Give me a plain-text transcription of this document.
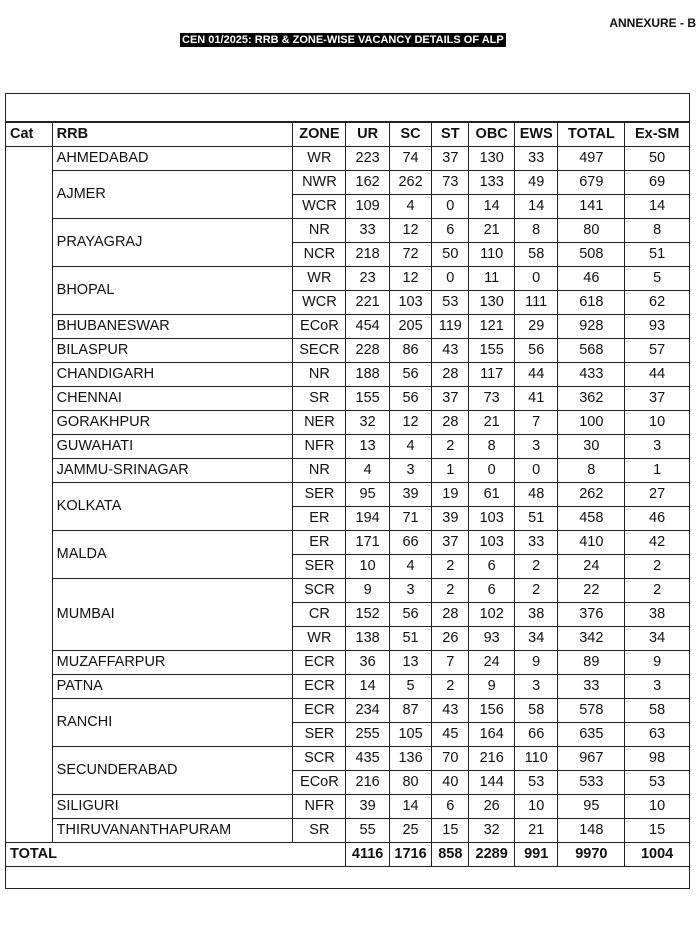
ANNEXURE - B
CEN 01/2025: RRB & ZONE-WISE VACANCY DETAILS OF ALP
Cat	RRB	ZONE	UR	SC	ST	OBC	EWS	TOTAL	Ex-SM
	AHMEDABAD	WR	223	74	37	130	33	497	50
	AJMER	NWR	162	262	73	133	49	679	69
		WCR	109	4	0	14	14	141	14
	PRAYAGRAJ	NR	33	12	6	21	8	80	8
		NCR	218	72	50	110	58	508	51
	BHOPAL	WR	23	12	0	11	0	46	5
		WCR	221	103	53	130	111	618	62
	BHUBANESWAR	ECoR	454	205	119	121	29	928	93
	BILASPUR	SECR	228	86	43	155	56	568	57
	CHANDIGARH	NR	188	56	28	117	44	433	44
	CHENNAI	SR	155	56	37	73	41	362	37
	GORAKHPUR	NER	32	12	28	21	7	100	10
	GUWAHATI	NFR	13	4	2	8	3	30	3
	JAMMU-SRINAGAR	NR	4	3	1	0	0	8	1
	KOLKATA	SER	95	39	19	61	48	262	27
		ER	194	71	39	103	51	458	46
	MALDA	ER	171	66	37	103	33	410	42
		SER	10	4	2	6	2	24	2
	MUMBAI	SCR	9	3	2	6	2	22	2
		CR	152	56	28	102	38	376	38
		WR	138	51	26	93	34	342	34
	MUZAFFARPUR	ECR	36	13	7	24	9	89	9
	PATNA	ECR	14	5	2	9	3	33	3
	RANCHI	ECR	234	87	43	156	58	578	58
		SER	255	105	45	164	66	635	63
	SECUNDERABAD	SCR	435	136	70	216	110	967	98
		ECoR	216	80	40	144	53	533	53
	SILIGURI	NFR	39	14	6	26	10	95	10
	THIRUVANANTHAPURAM	SR	55	25	15	32	21	148	15
TOTAL			4116	1716	858	2289	991	9970	1004
